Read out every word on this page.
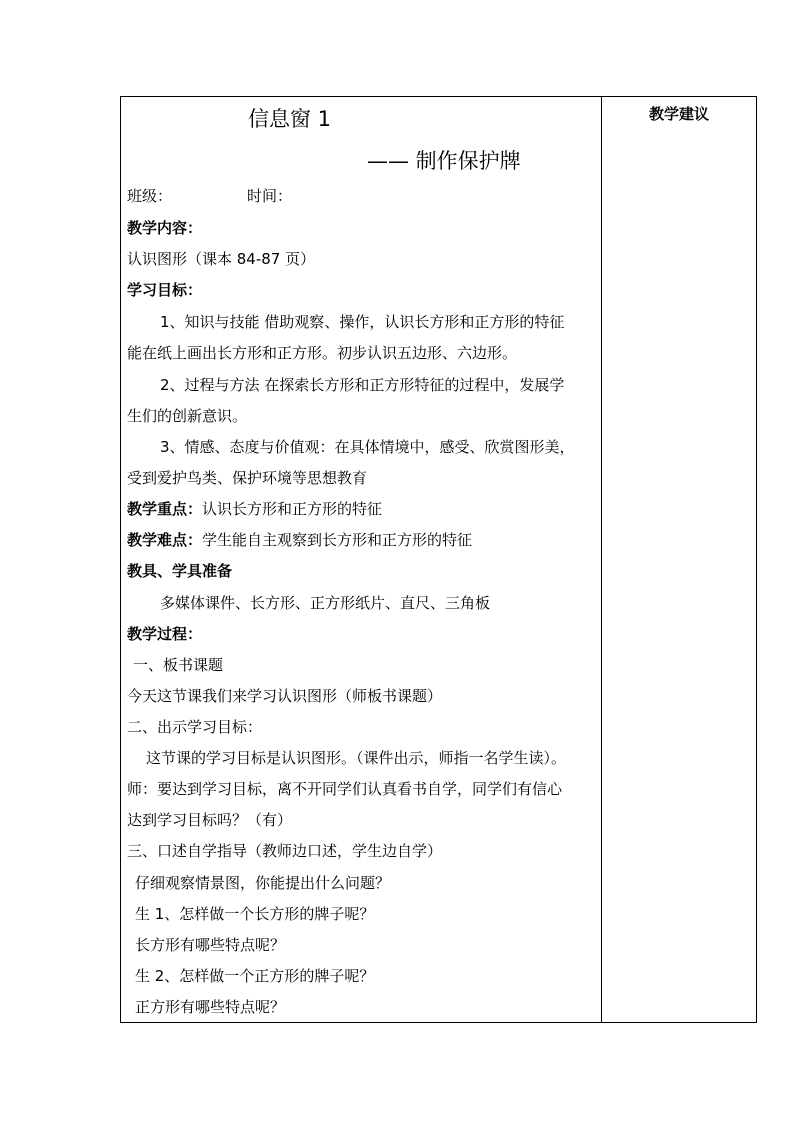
信息窗 1
—— 制作保护牌
班级：	时间：
教学内容：
认识图形（课本 84-87 页）
学习目标：
1、知识与技能 借助观察、操作，认识长方形和正方形的特征
能在纸上画出长方形和正方形。初步认识五边形、六边形。
2、过程与方法 在探索长方形和正方形特征的过程中，发展学
生们的创新意识。
3、情感、态度与价值观：在具体情境中，感受、欣赏图形美，
受到爱护鸟类、保护环境等思想教育
教学重点：认识长方形和正方形的特征
教学难点：学生能自主观察到长方形和正方形的特征
教具、学具准备
多媒体课件、长方形、正方形纸片、直尺、三角板
教学过程：
一、板书课题
今天这节课我们来学习认识图形（师板书课题）
二、出示学习目标：
这节课的学习目标是认识图形。（课件出示，师指一名学生读）。
师：要达到学习目标，离不开同学们认真看书自学，同学们有信心
达到学习目标吗？（有）
三、口述自学指导（教师边口述，学生边自学）
仔细观察情景图，你能提出什么问题？
生 1、怎样做一个长方形的牌子呢？
长方形有哪些特点呢？
生 2、怎样做一个正方形的牌子呢？
正方形有哪些特点呢？
教学建议
